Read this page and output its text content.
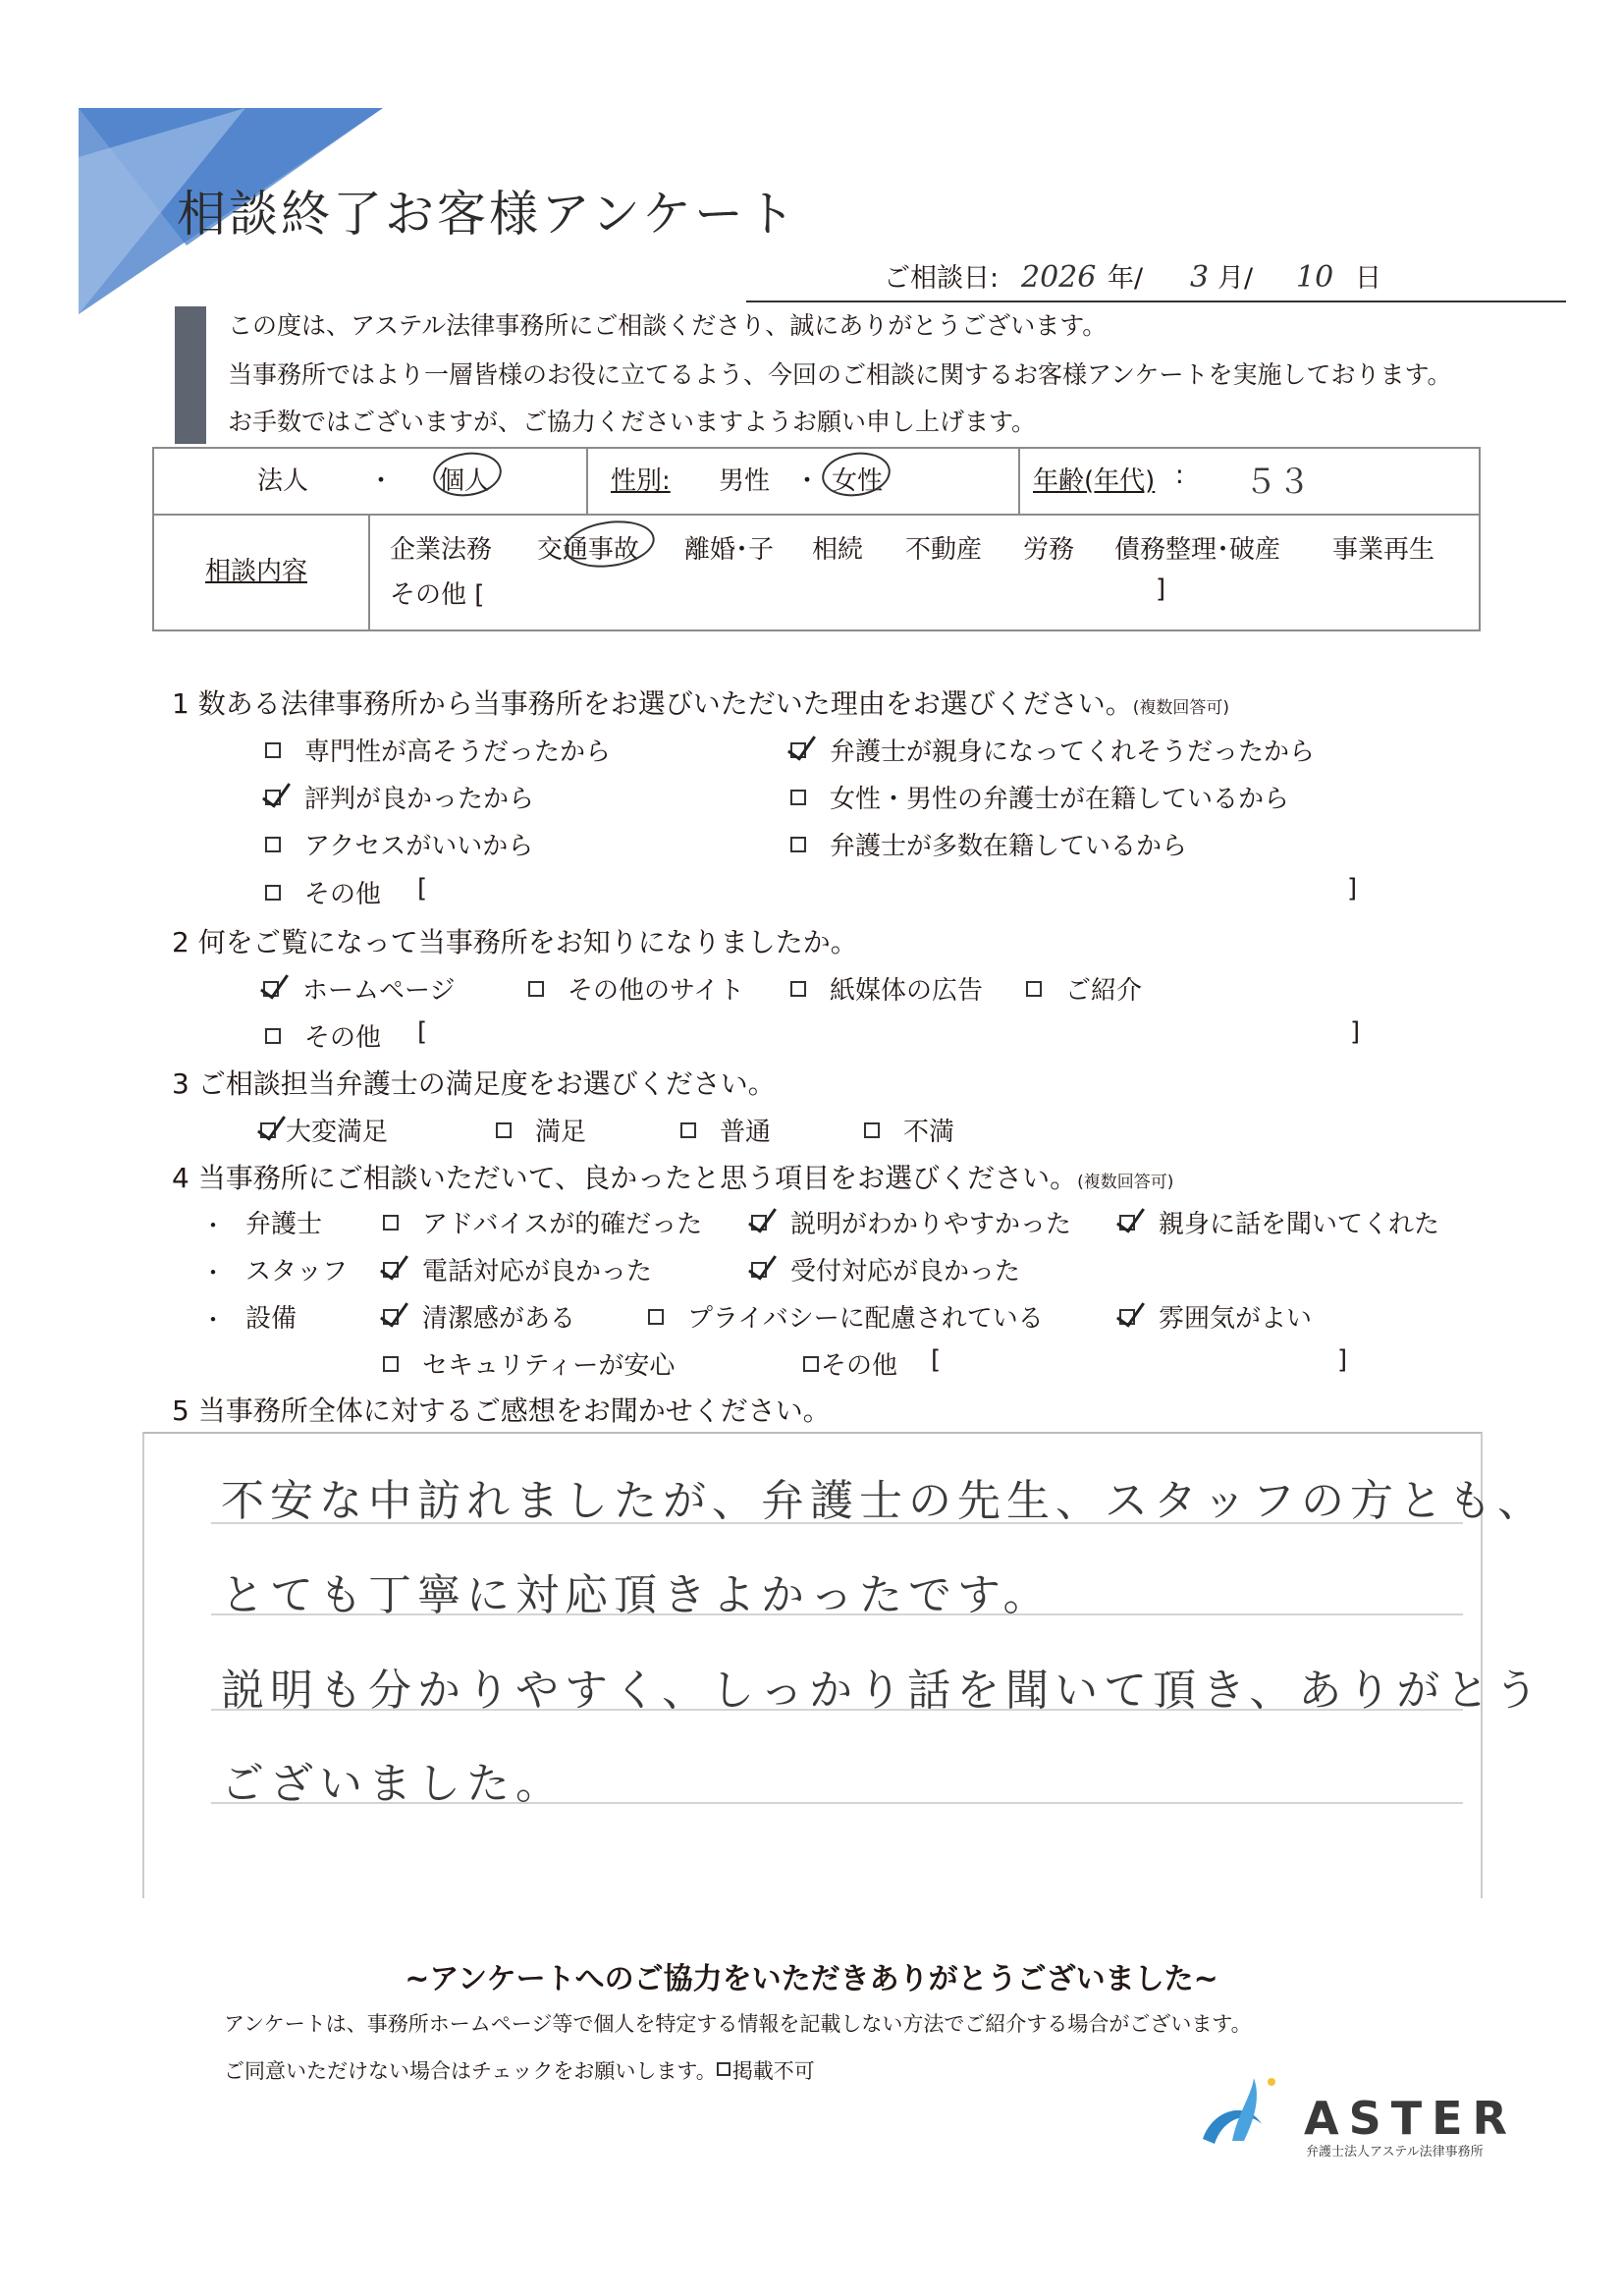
相談終了お客様アンケート
ご相談日: 2026 年/ 3 月/ 10 日
この度は、アステル法律事務所にご相談くださり、誠にありがとうございます。
当事務所ではより一層皆様のお役に立てるよう、今回のご相談に関するお客様アンケートを実施しております。
お手数ではございますが、ご協力くださいますようお願い申し上げます。
法人 ・ 個人	性別: 男性 ・ 女性	年齢(年代) : ５３
相談内容
企業法務 交通事故 離婚･子 相続 不動産 労務 債務整理･破産 事業再生
その他 [	]
1 数ある法律事務所から当事務所をお選びいただいた理由をお選びください。(複数回答可)
専門性が高そうだったから	弁護士が親身になってくれそうだったから
評判が良かったから	女性・男性の弁護士が在籍しているから
アクセスがいいから	弁護士が多数在籍しているから
その他 [	]
2 何をご覧になって当事務所をお知りになりましたか。
ホームページ	その他のサイト	紙媒体の広告	ご紹介
その他 [	]
3 ご相談担当弁護士の満足度をお選びください。
大変満足	満足	普通	不満
4 当事務所にご相談いただいて、良かったと思う項目をお選びください。(複数回答可)
・ 弁護士	アドバイスが的確だった	説明がわかりやすかった	親身に話を聞いてくれた
・ スタッフ	電話対応が良かった	受付対応が良かった
・ 設備	清潔感がある	プライバシーに配慮されている	雰囲気がよい
セキュリティーが安心	その他 [	]
5 当事務所全体に対するご感想をお聞かせください。
不安な中訪れましたが、弁護士の先生、スタッフの方とも、
とても丁寧に対応頂きよかったです。
説明も分かりやすく、しっかり話を聞いて頂き、ありがとう
ございました。
~アンケートへのご協力をいただきありがとうございました~
アンケートは、事務所ホームページ等で個人を特定する情報を記載しない方法でご紹介する場合がございます。
ご同意いただけない場合はチェックをお願いします。 掲載不可
ASTER
弁護士法人アステル法律事務所
